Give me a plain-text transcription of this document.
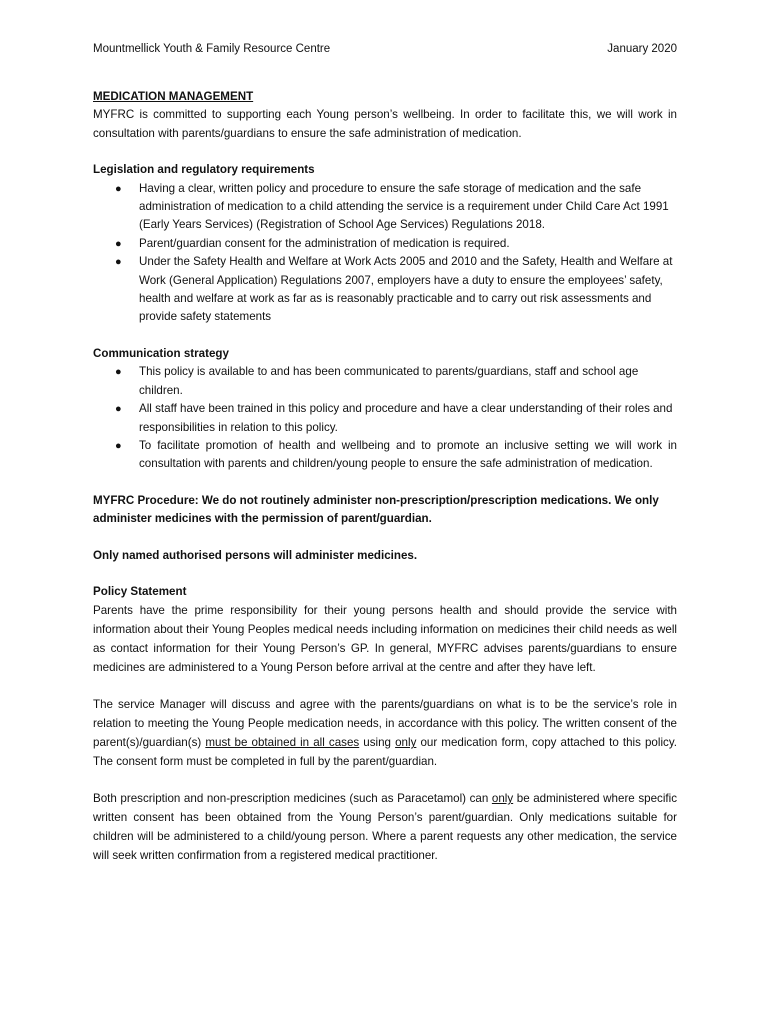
Mountmellick Youth & Family Resource Centre	January 2020

MEDICATION MANAGEMENT

MYFRC is committed to supporting each Young person’s wellbeing. In order to facilitate this, we will work in consultation with parents/guardians to ensure the safe administration of medication.

Legislation and regulatory requirements

● Having a clear, written policy and procedure to ensure the safe storage of medication and the safe administration of medication to a child attending the service is a requirement under Child Care Act 1991 (Early Years Services) (Registration of School Age Services) Regulations 2018.
● Parent/guardian consent for the administration of medication is required.
● Under the Safety Health and Welfare at Work Acts 2005 and 2010 and the Safety, Health and Welfare at Work (General Application) Regulations 2007, employers have a duty to ensure the employees’ safety, health and welfare at work as far as is reasonably practicable and to carry out risk assessments and provide safety statements

Communication strategy

● This policy is available to and has been communicated to parents/guardians, staff and school age children.
● All staff have been trained in this policy and procedure and have a clear understanding of their roles and responsibilities in relation to this policy.
● To facilitate promotion of health and wellbeing and to promote an inclusive setting we will work in consultation with parents and children/young people to ensure the safe administration of medication.

MYFRC Procedure: We do not routinely administer non-prescription/prescription medications. We only administer medicines with the permission of parent/guardian.

Only named authorised persons will administer medicines.

Policy Statement

Parents have the prime responsibility for their young persons health and should provide the service with information about their Young Peoples medical needs including information on medicines their child needs as well as contact information for their Young Person’s GP. In general, MYFRC advises parents/guardians to ensure medicines are administered to a Young Person before arrival at the centre and after they have left.

The service Manager will discuss and agree with the parents/guardians on what is to be the service’s role in relation to meeting the Young People medication needs, in accordance with this policy. The written consent of the parent(s)/guardian(s) must be obtained in all cases using only our medication form, copy attached to this policy. The consent form must be completed in full by the parent/guardian.

Both prescription and non-prescription medicines (such as Paracetamol) can only be administered where specific written consent has been obtained from the Young Person’s parent/guardian. Only medications suitable for children will be administered to a child/young person. Where a parent requests any other medication, the service will seek written confirmation from a registered medical practitioner.
